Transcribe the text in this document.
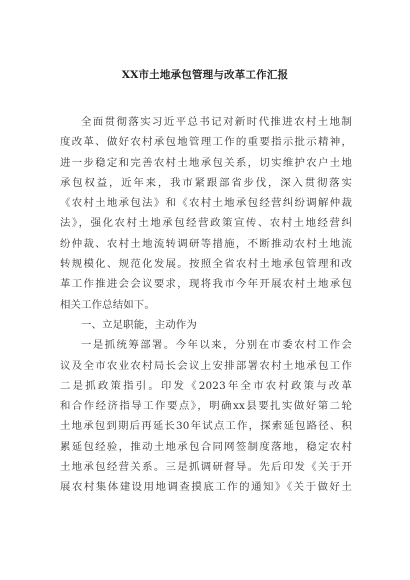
XX市土地承包管理与改革工作汇报
全面贯彻落实习近平总书记对新时代推进农村土地制
度改革、做好农村承包地管理工作的重要指示批示精神，
进一步稳定和完善农村土地承包关系，切实维护农户土地
承包权益，近年来，我市紧跟部省步伐，深入贯彻落实
《农村土地承包法》和《农村土地承包经营纠纷调解仲裁
法》，强化农村土地承包经营政策宣传、农村土地经营纠
纷仲裁、农村土地流转调研等措施，不断推动农村土地流
转规模化、规范化发展。按照全省农村土地承包管理和改
革工作推进会会议要求，现将我市今年开展农村土地承包
相关工作总结如下。
一、立足职能，主动作为
一是抓统筹部署。今年以来，分别在市委农村工作会
议及全市农业农村局长会议上安排部署农村土地承包工作
二是抓政策指引。印发《2023年全市农村政策与改革
和合作经济指导工作要点》，明确xx县要扎实做好第二轮
土地承包到期后再延长30年试点工作，探索延包路径、积
累延包经验，推动土地承包合同网签制度落地，稳定农村
土地承包经营关系。三是抓调研督导。先后印发《关于开
展农村集体建设用地调查摸底工作的通知》《关于做好土
